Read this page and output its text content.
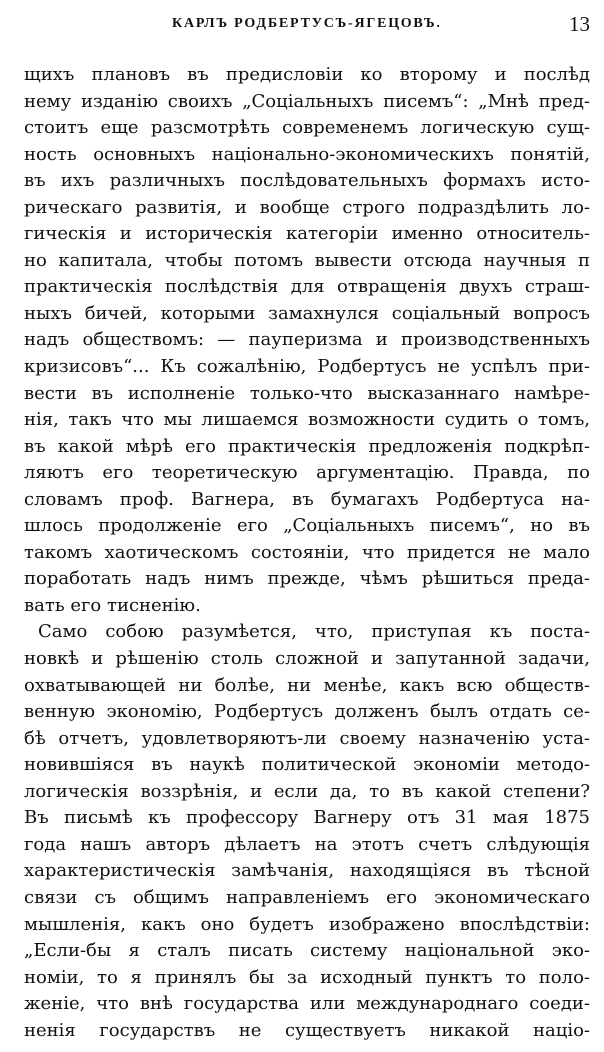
КАРЛЪ РОДБЕРТУСЪ-ЯГЕЦОВЪ.	13
щихъ плановъ въ предисловіи ко второму и послѣд
нему изданію своихъ „Соціальныхъ писемъ“: „Мнѣ пред-
стоитъ еще разсмотрѣть современемъ логическую сущ-
ность основныхъ національно-экономическихъ понятій,
въ ихъ различныхъ послѣдовательныхъ формахъ истo-
рическаго развитія, и вообще строго подраздѣлить ло-
гическія и историческія категоріи именно относитель-
но капитала, чтобы потомъ вывести отсюда научныя п
практическія послѣдствія для отвращенія двухъ страш-
ныхъ бичей, которыми замахнулся соціальный вопросъ
надъ обществомъ: — пауперизма и производственныхъ
кризисовъ“... Къ сожалѣнію, Родбертусъ не успѣлъ при-
вести въ исполненіе только-что высказаннаго намѣре-
нія, такъ что мы лишаемся возможности судить о томъ,
въ какой мѣрѣ его практическія предложенія подкрѣп-
ляютъ его теоретическую аргументацію. Правда, по
словамъ проф. Вагнера, въ бумагахъ Родбертуса на-
шлось продолженіе его „Соціальныхъ писемъ“, но въ
такомъ хаотическомъ состояніи, что придется не мало
поработать надъ нимъ прежде, чѣмъ рѣшиться преда-
вать его тисненію.
Само собою разумѣется, что, приступая къ поста-
новкѣ и рѣшенію столь сложной и запутанной задачи,
охватывающей ни болѣе, ни менѣе, какъ всю обществ-
венную экономію, Родбертусъ долженъ былъ отдать се-
бѣ отчетъ, удовлетворяютъ-ли своему назначенію уста-
новившіяся въ наукѣ политической экономіи методо-
логическія воззрѣнія, и если да, то въ какой степени?
Въ письмѣ къ профессору Вагнеру отъ 31 мая 1875
года нашъ авторъ дѣлаетъ на этотъ счетъ слѣдующія
характеристическія замѣчанія, находящіяся въ тѣсной
связи съ общимъ направленіемъ его экономическаго
мышленія, какъ оно будетъ изображено впослѣдствіи:
„Если-бы я сталъ писать систему національной эко-
номіи, то я принялъ бы за исходный пунктъ то поло-
женіе, что внѣ государства или международнаго соеди-
ненія государствъ не существуетъ никакой націо-
